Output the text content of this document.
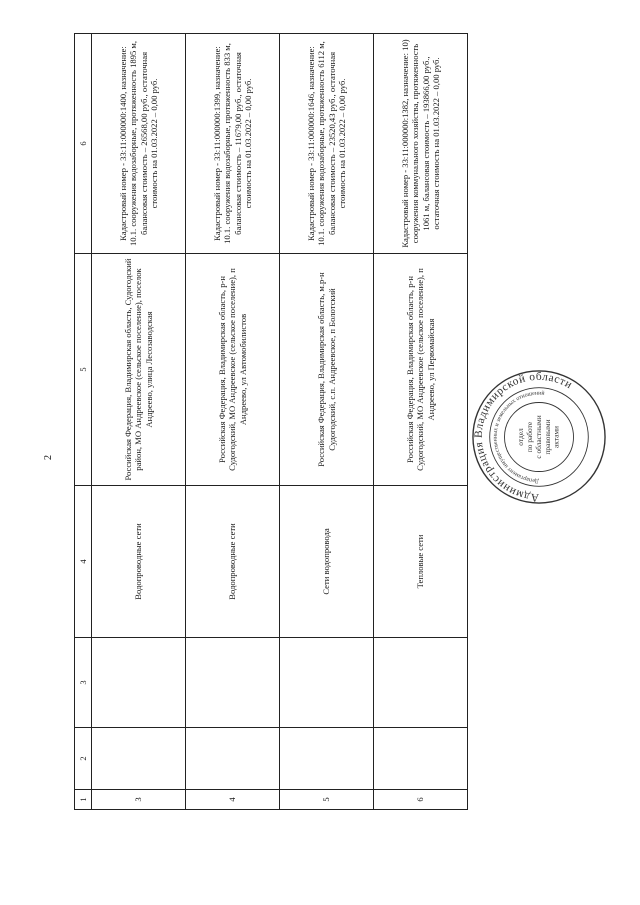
2
1	2	3	4	5	6
3			Водопроводные сети	Российская Федерация, Владимирская область, Судогодский район, МО Андреевское (сельское поселение), поселок Андреево, улица Лесозаводская	Кадастровый номер - 33:11:000000:1400, назначение: 10.1. сооружения водозаборные, протяженность 1895 м, балансовая стоимость – 26568,00 руб., остаточная стоимость на 01.03.2022 – 0,00 руб.
4			Водопроводные сети	Российская Федерация, Владимирская область, р-н Судогодский, МО Андреевское (сельское поселение), п Андреево, ул Автомобилистов	Кадастровый номер - 33:11:000000:1399, назначение: 10.1. сооружения водозаборные, протяженность 833 м, балансовая стоимость – 11679,00 руб., остаточная стоимость на 01.03.2022 – 0,00 руб.
5			Сети водопровода	Российская Федерация, Владимирская область, м.р-н Судогодский, с.п. Андреевское, п Болотский	Кадастровый номер - 33:11:000000:1646, назначение: 10.1. сооружения водозаборные, протяженность 6112 м, балансовая стоимость – 23520,43 руб., остаточная стоимость на 01.03.2022 – 0,00 руб.
6			Тепловые сети	Российская Федерация, Владимирская область, р-н Судогодский, МО Андреевское (сельское поселение), п Андреево, ул Первомайская	Кадастровый номер - 33:11:000000:1382, назначение: 10) сооружения коммунального хозяйства, протяженность 1061 м, балансовая стоимость – 193866,00 руб., остаточная стоимость на 01.03.2022 – 0,00 руб.
Администрация Владимирской области
Департамент имущественных и земельных отношений
отдел по работе с областными правовыми актами
